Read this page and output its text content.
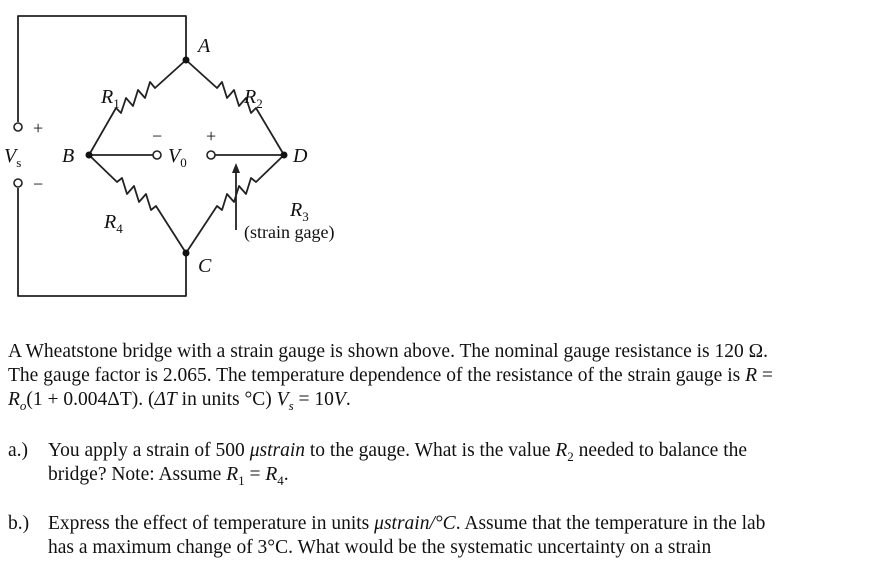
A
B
C
D
$R_1$	$R_2$
$R_4$
$R_3$
(strain gage)
+
−
$V_s$
− +
$V_0$

A Wheatstone bridge with a strain gauge is shown above. The nominal gauge resistance is 120 Ω.

The gauge factor is 2.065. The temperature dependence of the resistance of the strain gauge is R =

$R_o(1 + 0.004\Delta T)$. (ΔT in units °C) $V_s = 10V$.

a.) You apply a strain of 500 μstrain to the gauge. What is the value $R_2$ needed to balance the

bridge? Note: Assume $R_1 = R_4$.

b.) Express the effect of temperature in units μstrain/°C. Assume that the temperature in the lab

has a maximum change of 3°C. What would be the systematic uncertainty on a strain
